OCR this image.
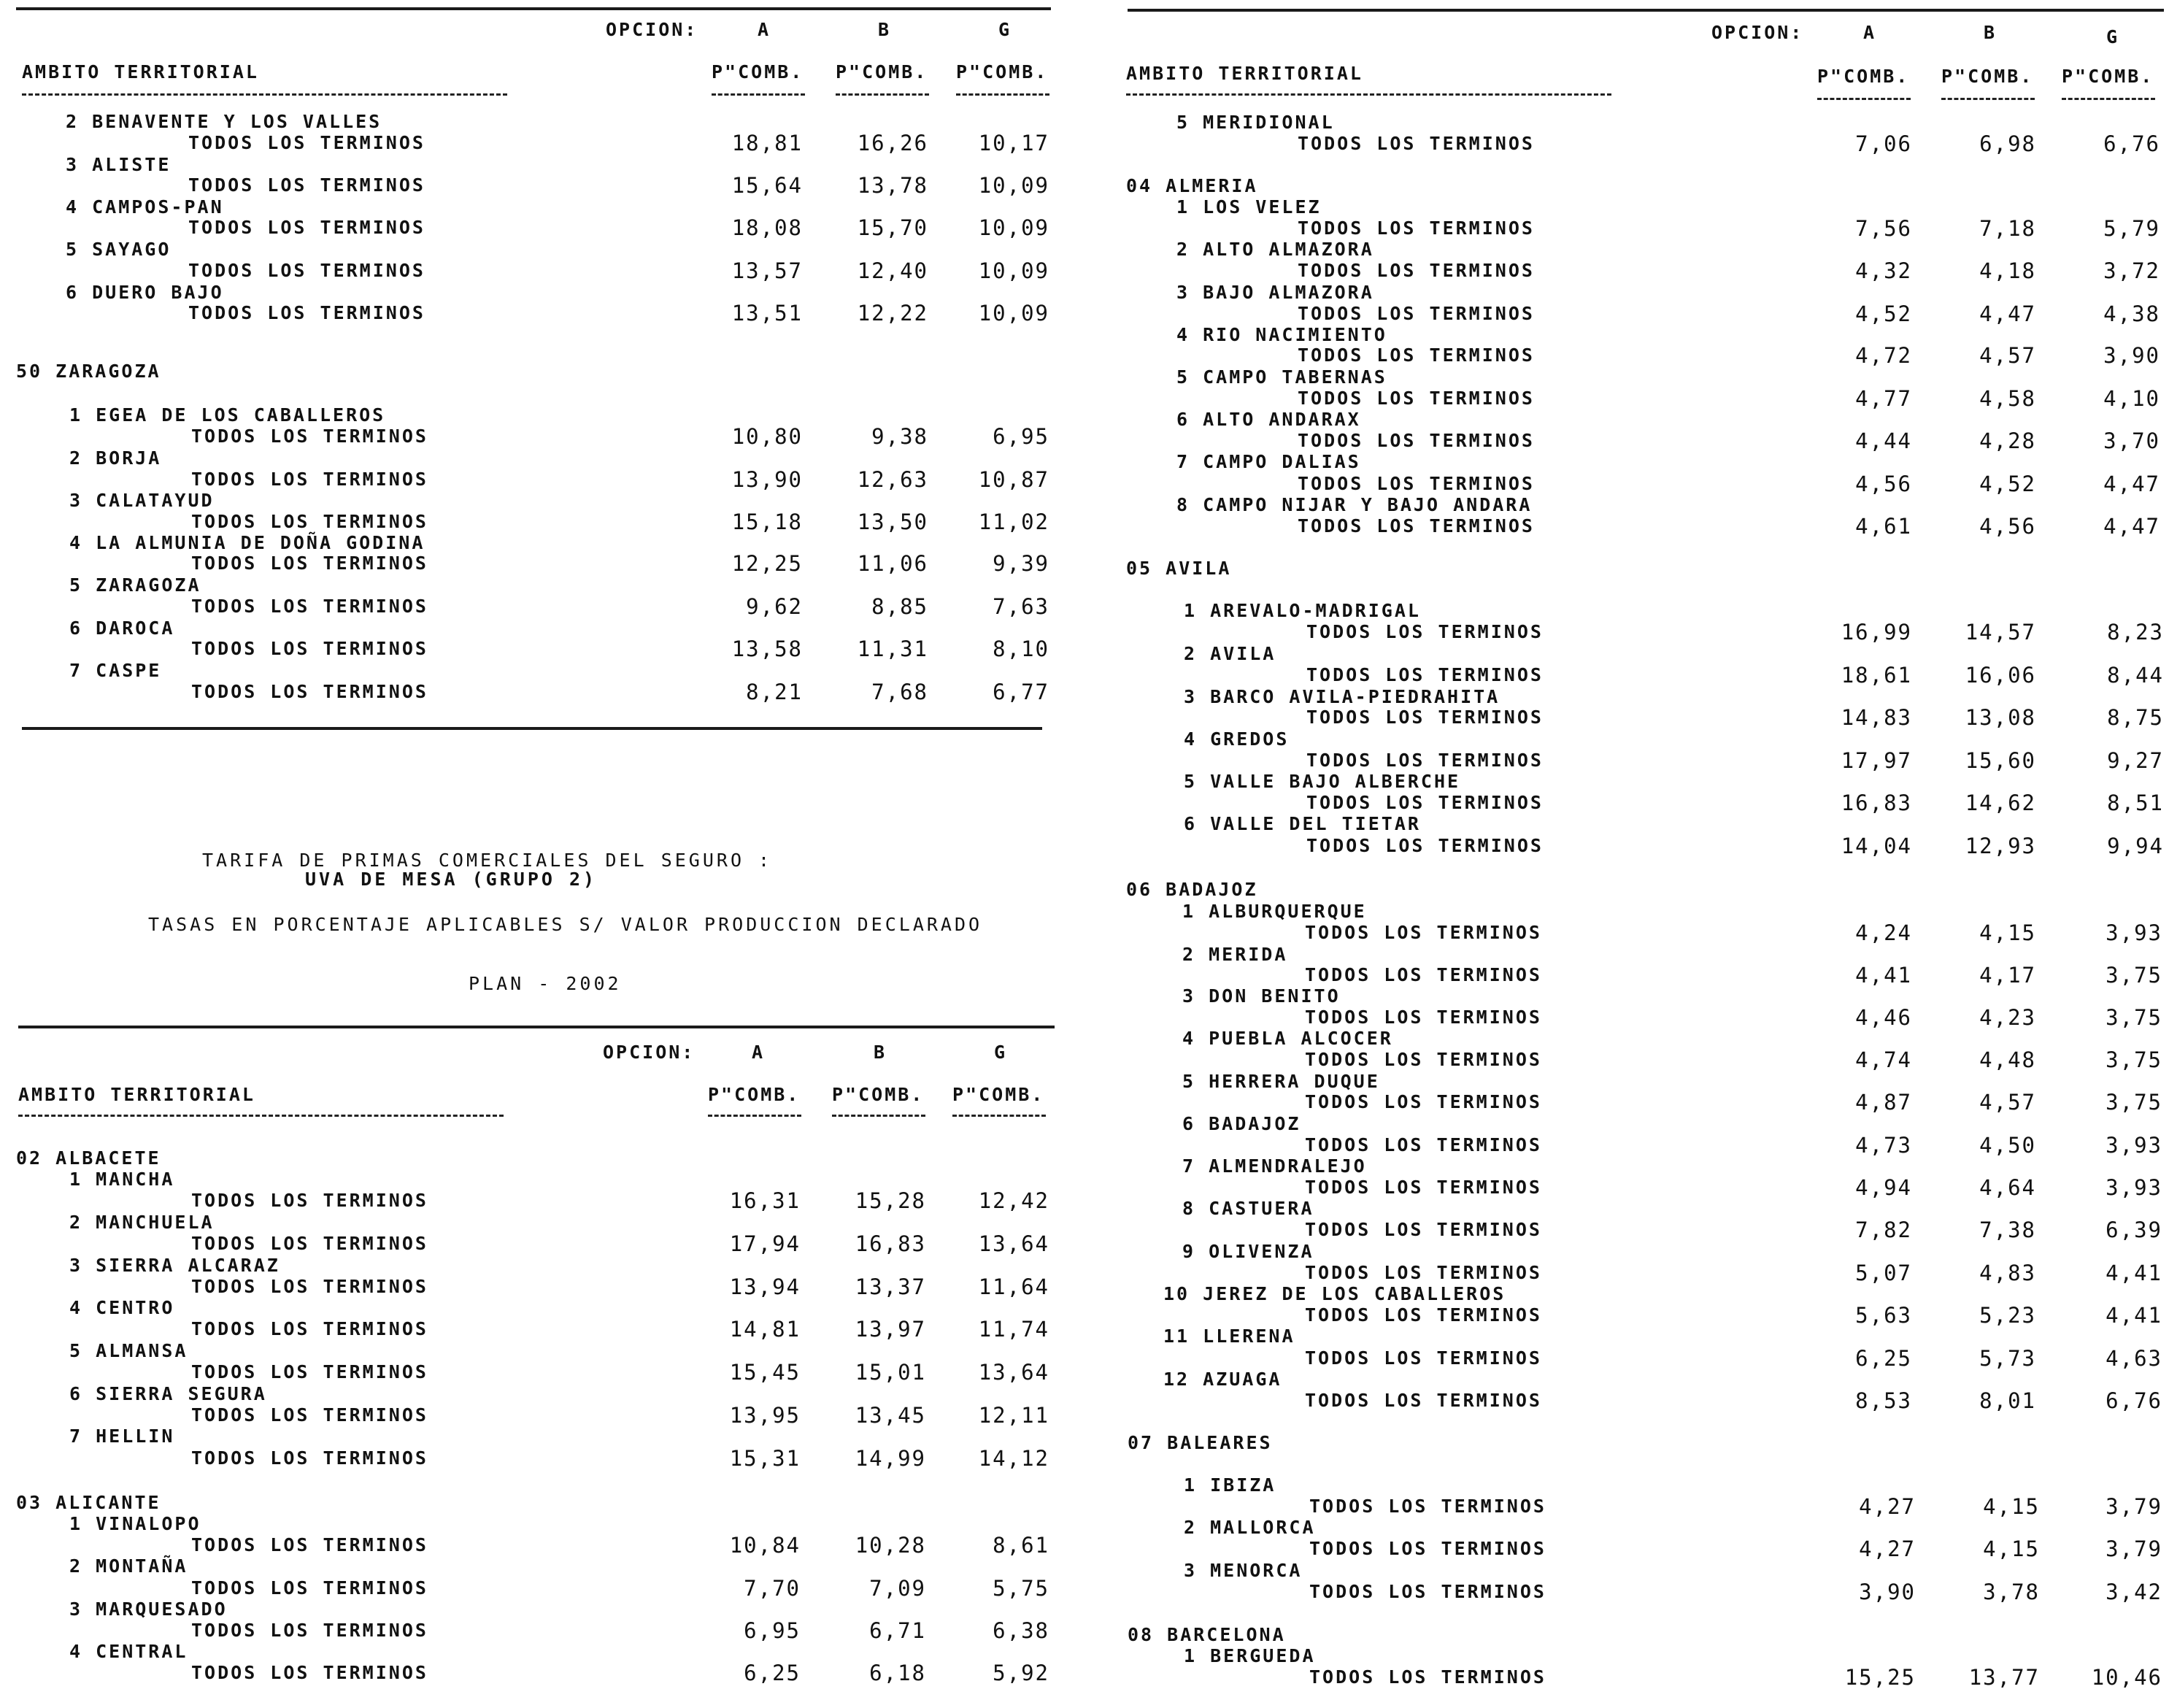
OPCION:	A	B	G
AMBITO TERRITORIAL	P"COMB. P"COMB. P"COMB.
2 BENAVENTE Y LOS VALLES
TODOS LOS TERMINOS	18,81	16,26	10,17
3 ALISTE
TODOS LOS TERMINOS	15,64	13,78	10,09
4 CAMPOS-PAN
TODOS LOS TERMINOS	18,08	15,70	10,09
5 SAYAGO
TODOS LOS TERMINOS	13,57	12,40	10,09
6 DUERO BAJO
TODOS LOS TERMINOS	13,51	12,22	10,09
50 ZARAGOZA
1 EGEA DE LOS CABALLEROS
TODOS LOS TERMINOS	10,80	9,38	6,95
2 BORJA
TODOS LOS TERMINOS	13,90	12,63	10,87
3 CALATAYUD
TODOS LOS TERMINOS	15,18	13,50	11,02
4 LA ALMUNIA DE DOÑA GODINA
TODOS LOS TERMINOS	12,25	11,06	9,39
5 ZARAGOZA
TODOS LOS TERMINOS	9,62	8,85	7,63
6 DAROCA
TODOS LOS TERMINOS	13,58	11,31	8,10
7 CASPE
TODOS LOS TERMINOS	8,21	7,68	6,77
TARIFA DE PRIMAS COMERCIALES DEL SEGURO :
UVA DE MESA (GRUPO 2)
TASAS EN PORCENTAJE APLICABLES S/ VALOR PRODUCCION DECLARADO
PLAN - 2002
OPCION:	A	B	G
AMBITO TERRITORIAL	P"COMB. P"COMB. P"COMB.
02 ALBACETE
1 MANCHA
TODOS LOS TERMINOS	16,31	15,28	12,42
2 MANCHUELA
TODOS LOS TERMINOS	17,94	16,83	13,64
3 SIERRA ALCARAZ
TODOS LOS TERMINOS	13,94	13,37	11,64
4 CENTRO
TODOS LOS TERMINOS	14,81	13,97	11,74
5 ALMANSA
TODOS LOS TERMINOS	15,45	15,01	13,64
6 SIERRA SEGURA
TODOS LOS TERMINOS	13,95	13,45	12,11
7 HELLIN
TODOS LOS TERMINOS	15,31	14,99	14,12
03 ALICANTE
1 VINALOPO
TODOS LOS TERMINOS	10,84	10,28	8,61
2 MONTAÑA
TODOS LOS TERMINOS	7,70	7,09	5,75
3 MARQUESADO
TODOS LOS TERMINOS	6,95	6,71	6,38
4 CENTRAL
TODOS LOS TERMINOS	6,25	6,18	5,92
OPCION:	A	B	G
AMBITO TERRITORIAL	P"COMB. P"COMB. P"COMB.
5 MERIDIONAL
TODOS LOS TERMINOS	7,06	6,98	6,76
04 ALMERIA
1 LOS VELEZ
TODOS LOS TERMINOS	7,56	7,18	5,79
2 ALTO ALMAZORA
TODOS LOS TERMINOS	4,32	4,18	3,72
3 BAJO ALMAZORA
TODOS LOS TERMINOS	4,52	4,47	4,38
4 RIO NACIMIENTO
TODOS LOS TERMINOS	4,72	4,57	3,90
5 CAMPO TABERNAS
TODOS LOS TERMINOS	4,77	4,58	4,10
6 ALTO ANDARAX
TODOS LOS TERMINOS	4,44	4,28	3,70
7 CAMPO DALIAS
TODOS LOS TERMINOS	4,56	4,52	4,47
8 CAMPO NIJAR Y BAJO ANDARA
TODOS LOS TERMINOS	4,61	4,56	4,47
05 AVILA
1 AREVALO-MADRIGAL
TODOS LOS TERMINOS	16,99	14,57	8,23
2 AVILA
TODOS LOS TERMINOS	18,61	16,06	8,44
3 BARCO AVILA-PIEDRAHITA
TODOS LOS TERMINOS	14,83	13,08	8,75
4 GREDOS
TODOS LOS TERMINOS	17,97	15,60	9,27
5 VALLE BAJO ALBERCHE
TODOS LOS TERMINOS	16,83	14,62	8,51
6 VALLE DEL TIETAR
TODOS LOS TERMINOS	14,04	12,93	9,94
06 BADAJOZ
1 ALBURQUERQUE
TODOS LOS TERMINOS	4,24	4,15	3,93
2 MERIDA
TODOS LOS TERMINOS	4,41	4,17	3,75
3 DON BENITO
TODOS LOS TERMINOS	4,46	4,23	3,75
4 PUEBLA ALCOCER
TODOS LOS TERMINOS	4,74	4,48	3,75
5 HERRERA DUQUE
TODOS LOS TERMINOS	4,87	4,57	3,75
6 BADAJOZ
TODOS LOS TERMINOS	4,73	4,50	3,93
7 ALMENDRALEJO
TODOS LOS TERMINOS	4,94	4,64	3,93
8 CASTUERA
TODOS LOS TERMINOS	7,82	7,38	6,39
9 OLIVENZA
TODOS LOS TERMINOS	5,07	4,83	4,41
10 JEREZ DE LOS CABALLEROS
TODOS LOS TERMINOS	5,63	5,23	4,41
11 LLERENA
TODOS LOS TERMINOS	6,25	5,73	4,63
12 AZUAGA
TODOS LOS TERMINOS	8,53	8,01	6,76
07 BALEARES
1 IBIZA
TODOS LOS TERMINOS	4,27	4,15	3,79
2 MALLORCA
TODOS LOS TERMINOS	4,27	4,15	3,79
3 MENORCA
TODOS LOS TERMINOS	3,90	3,78	3,42
08 BARCELONA
1 BERGUEDA
TODOS LOS TERMINOS	15,25	13,77	10,46
